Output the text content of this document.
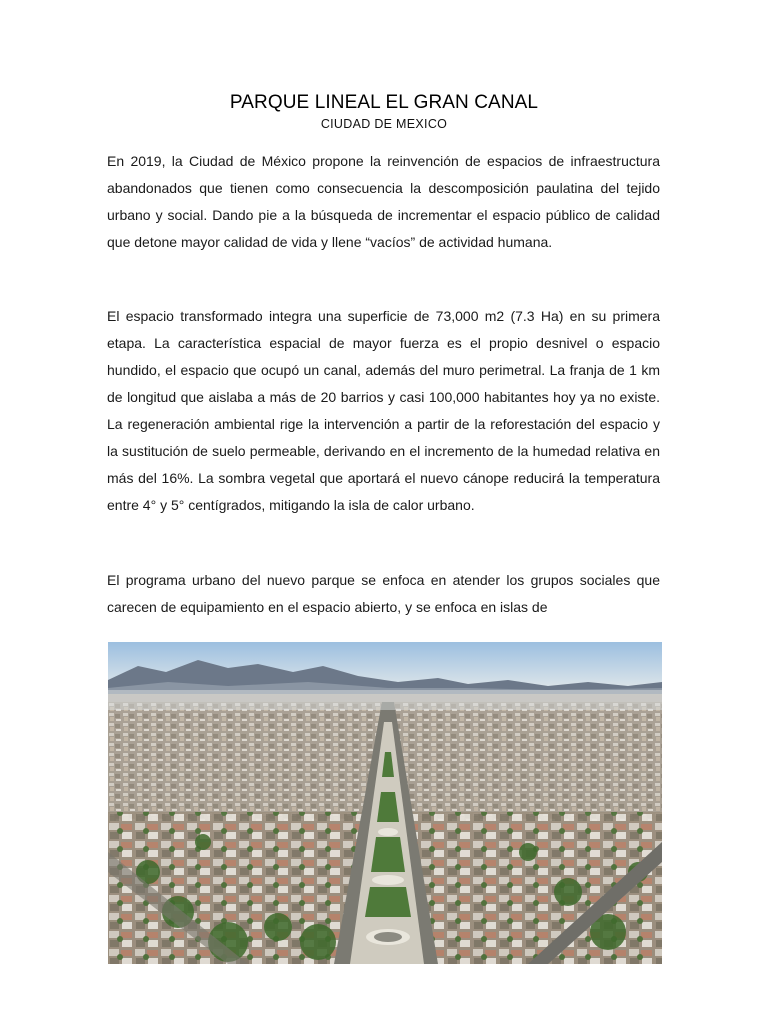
PARQUE LINEAL EL GRAN CANAL
CIUDAD DE MEXICO

En 2019, la Ciudad de México propone la reinvención de espacios de infraestructura abandonados que tienen como consecuencia la descomposición paulatina del tejido urbano y social. Dando pie a la búsqueda de incrementar el espacio público de calidad que detone mayor calidad de vida y llene “vacíos” de actividad humana.

El espacio transformado integra una superficie de 73,000 m2 (7.3 Ha) en su primera etapa. La característica espacial de mayor fuerza es el propio desnivel o espacio hundido, el espacio que ocupó un canal, además del muro perimetral. La franja de 1 km de longitud que aislaba a más de 20 barrios y casi 100,000 habitantes hoy ya no existe. La regeneración ambiental rige la intervención a partir de la reforestación del espacio y la sustitución de suelo permeable, derivando en el incremento de la humedad relativa en más del 16%. La sombra vegetal que aportará el nuevo cánope reducirá la temperatura entre 4° y 5° centígrados, mitigando la isla de calor urbano.

El programa urbano del nuevo parque se enfoca en atender los grupos sociales que carecen de equipamiento en el espacio abierto, y se enfoca en islas de
